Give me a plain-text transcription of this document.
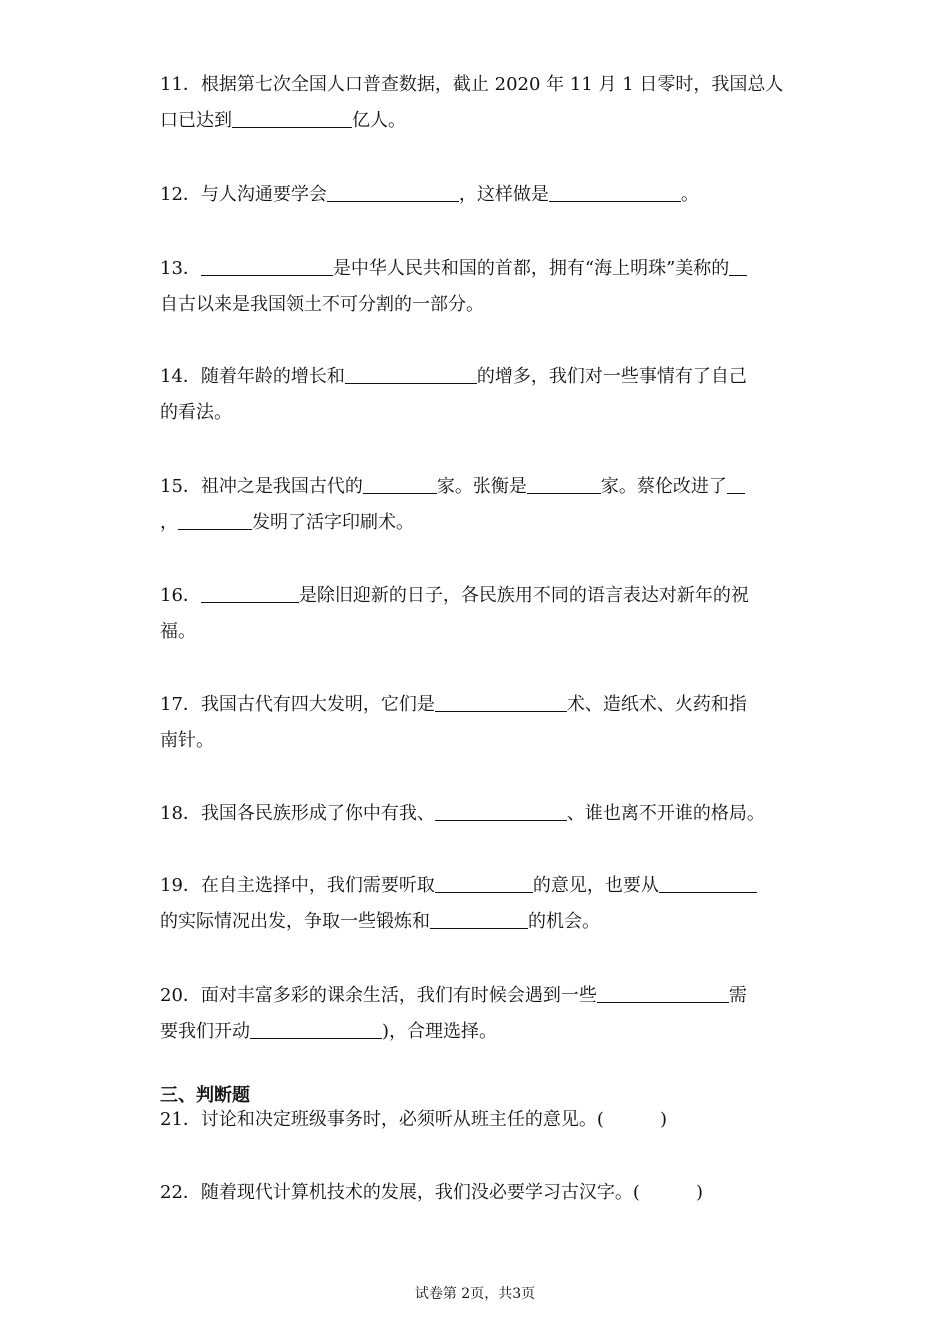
11．根据第七次全国人口普查数据，截止 2020 年 11 月 1 日零时，我国总人
口已达到	亿人。
12．与人沟通要学会	，这样做是	。
13．	是中华人民共和国的首都，拥有“海上明珠”美称的
自古以来是我国领土不可分割的一部分。
14．随着年龄的增长和	的增多，我们对一些事情有了自己
的看法。
15．祖冲之是我国古代的	家。张衡是	家。蔡伦改进了
，	发明了活字印刷术。
16．	是除旧迎新的日子，各民族用不同的语言表达对新年的祝
福。
17．我国古代有四大发明，它们是	术、造纸术、火药和指
南针。
18．我国各民族形成了你中有我、	、谁也离不开谁的格局。
19．在自主选择中，我们需要听取	的意见，也要从
的实际情况出发，争取一些锻炼和	的机会。
20．面对丰富多彩的课余生活，我们有时候会遇到一些	需
要我们开动	)，合理选择。
三、判断题
21．讨论和决定班级事务时，必须听从班主任的意见。(	)
22．随着现代计算机技术的发展，我们没必要学习古汉字。(	)
试卷第 2页，共3页
